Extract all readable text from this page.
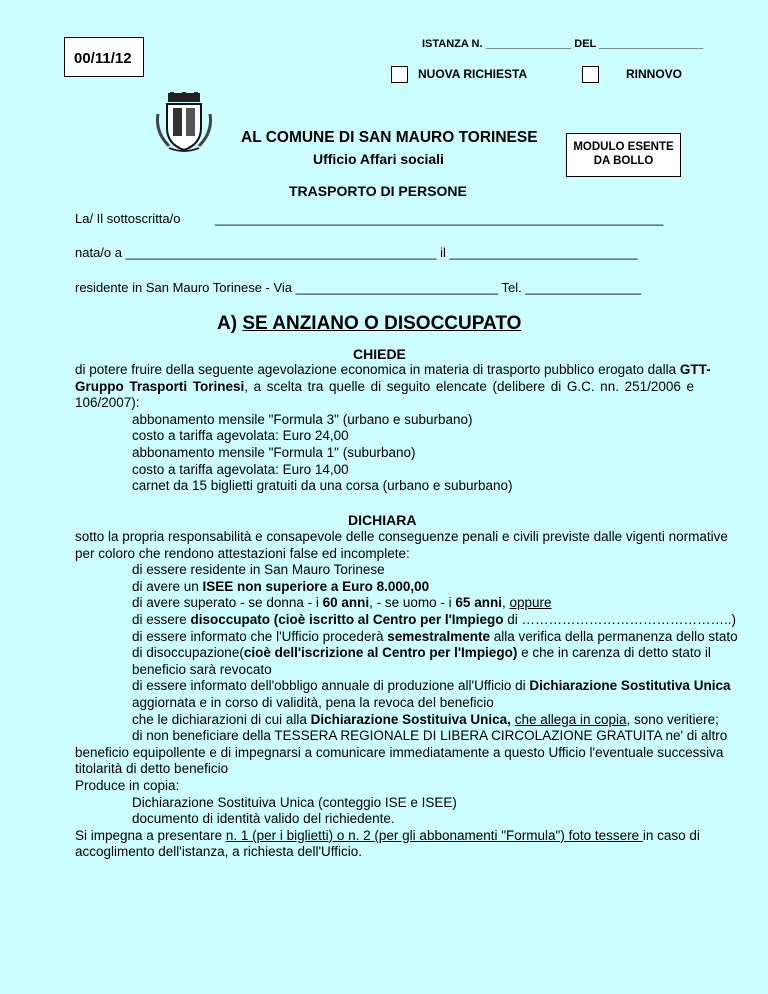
ISTANZA N. ______________ DEL _________________
00/11/12
NUOVA RICHIESTA	RINNOVO
AL COMUNE DI SAN MAURO TORINESE
Ufficio Affari sociali
MODULO ESENTE
DA BOLLO
TRASPORTO DI PERSONE
La/ Il sottoscritta/o	______________________________________________________________
nata/o a ___________________________________________ il __________________________
residente in San Mauro Torinese - Via ____________________________ Tel. ________________
A) SE ANZIANO O DISOCCUPATO
CHIEDE
di potere fruire della seguente agevolazione economica in materia di trasporto pubblico erogato dalla GTT-
Gruppo Trasporti Torinesi, a scelta tra quelle di seguito elencate (delibere di G.C. nn. 251/2006 e
106/2007):
abbonamento mensile "Formula 3" (urbano e suburbano)
costo a tariffa agevolata: Euro 24,00
abbonamento mensile "Formula 1" (suburbano)
costo a tariffa agevolata: Euro 14,00
carnet da 15 biglietti gratuiti da una corsa (urbano e suburbano)
DICHIARA
sotto la propria responsabilità e consapevole delle conseguenze penali e civili previste dalle vigenti normative
per coloro che rendono attestazioni false ed incomplete:
di essere residente in San Mauro Torinese
di avere un ISEE non superiore a Euro 8.000,00
di avere superato - se donna - i 60 anni, - se uomo - i 65 anni, oppure
di essere disoccupato (cioè iscritto al Centro per l'Impiego di ………………………………………..)
di essere informato che l'Ufficio procederà semestralmente alla verifica della permanenza dello stato
di disoccupazione(cioè dell'iscrizione al Centro per l'Impiego) e che in carenza di detto stato il
beneficio sarà revocato
di essere informato dell'obbligo annuale di produzione all'Ufficio di Dichiarazione Sostitutiva Unica
aggiornata e in corso di validità, pena la revoca del beneficio
che le dichiarazioni di cui alla Dichiarazione Sostituiva Unica, che allega in copia, sono veritiere;
di non beneficiare della TESSERA REGIONALE DI LIBERA CIRCOLAZIONE GRATUITA ne' di altro
beneficio equipollente e di impegnarsi a comunicare immediatamente a questo Ufficio l'eventuale successiva
titolarità di detto beneficio
Produce in copia:
Dichiarazione Sostituiva Unica (conteggio ISE e ISEE)
documento di identità valido del richiedente.
Si impegna a presentare n. 1 (per i biglietti) o n. 2 (per gli abbonamenti "Formula") foto tessere in caso di
accoglimento dell'istanza, a richiesta dell'Ufficio.
